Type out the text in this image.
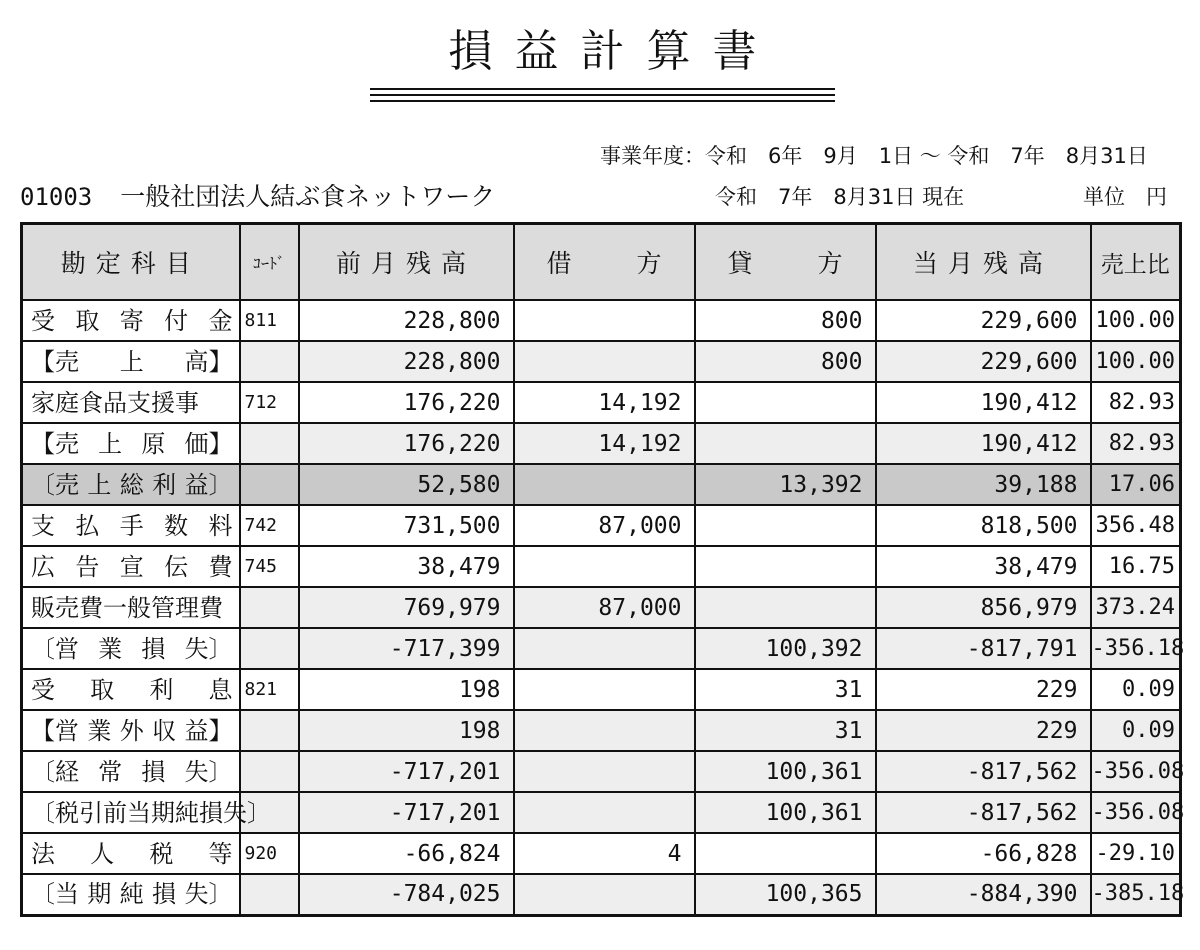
損益計算書
事業年度：令和　6年　9月　1日 ～ 令和　7年　8月31日
01003 一般社団法人結ぶ食ネットワーク	令和　7年　8月31日 現在	単位　円
勘定科目	ｺｰﾄﾞ	前月残高	借 方	貸 方	当月残高	売上比

受 取 寄 付 金	811	228,800		800	229,600	100.00

【売 上 高】		228,800		800	229,600	100.00

家庭食品支援事	712	176,220	14,192		190,412	82.93

【売 上 原 価】		176,220	14,192		190,412	82.93

〔売 上 総 利 益〕		52,580		13,392	39,188	17.06

支 払 手 数 料	742	731,500	87,000		818,500	356.48

広 告 宣 伝 費	745	38,479			38,479	16.75

販売費一般管理費		769,979	87,000		856,979	373.24

〔営 業 損 失〕		-717,399		100,392	-817,791	-356.18

受 取 利 息	821	198		31	229	0.09

【営 業 外 収 益】		198		31	229	0.09

〔経 常 損 失〕		-717,201		100,361	-817,562	-356.08

〔税引前当期純損失〕		-717,201		100,361	-817,562	-356.08

法 人 税 等	920	-66,824	4		-66,828	-29.10

〔当 期 純 損 失〕		-784,025		100,365	-884,390	-385.18
